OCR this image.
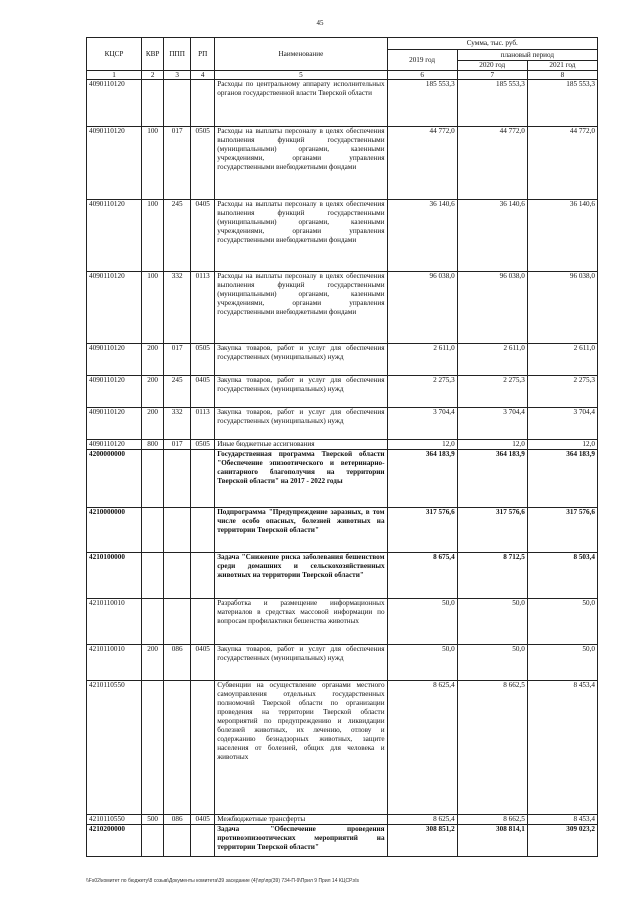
45
КЦСР	КВР	ППП	РП	Наименование	Сумма, тыс. руб.		
					2019 год	плановый период	
						2020 год	2021 год
1	2	3	4	5	6	7	8
4090110120				Расходы по центральному аппарату исполнительных органов государственной власти Тверской области	185 553,3	185 553,3	185 553,3
4090110120	100	017	0505	Расходы на выплаты персоналу в целях обеспечения выполнения функций государственными (муниципальными) органами, казенными учреждениями, органами управления государственными внебюджетными фондами	44 772,0	44 772,0	44 772,0
4090110120	100	245	0405	Расходы на выплаты персоналу в целях обеспечения выполнения функций государственными (муниципальными) органами, казенными учреждениями, органами управления государственными внебюджетными фондами	36 140,6	36 140,6	36 140,6
4090110120	100	332	0113	Расходы на выплаты персоналу в целях обеспечения выполнения функций государственными (муниципальными) органами, казенными учреждениями, органами управления государственными внебюджетными фондами	96 038,0	96 038,0	96 038,0
4090110120	200	017	0505	Закупка товаров, работ и услуг для обеспечения государственных (муниципальных) нужд	2 611,0	2 611,0	2 611,0
4090110120	200	245	0405	Закупка товаров, работ и услуг для обеспечения государственных (муниципальных) нужд	2 275,3	2 275,3	2 275,3
4090110120	200	332	0113	Закупка товаров, работ и услуг для обеспечения государственных (муниципальных) нужд	3 704,4	3 704,4	3 704,4
4090110120	800	017	0505	Иные бюджетные ассигнования	12,0	12,0	12,0
4200000000				Государственная программа Тверской области "Обеспечение эпизоотического и ветеринарно-санитарного благополучия на территории Тверской области" на 2017 - 2022 годы	364 183,9	364 183,9	364 183,9
4210000000				Подпрограмма "Предупреждение заразных, в том числе особо опасных, болезней животных на территории Тверской области"	317 576,6	317 576,6	317 576,6
4210100000				Задача "Снижение риска заболевания бешенством среди домашних и сельскохозяйственных животных на территории Тверской области"	8 675,4	8 712,5	8 503,4
4210110010				Разработка и размещение информационных материалов в средствах массовой информации по вопросам профилактики бешенства животных	50,0	50,0	50,0
4210110010	200	086	0405	Закупка товаров, работ и услуг для обеспечения государственных (муниципальных) нужд	50,0	50,0	50,0
4210110550				Субвенции на осуществление органами местного самоуправления отдельных государственных полномочий Тверской области по организации проведения на территории Тверской области мероприятий по предупреждению и ликвидации болезней животных, их лечению, отлову и содержанию безнадзорных животных, защите населения от болезней, общих для человека и животных	8 625,4	8 662,5	8 453,4
4210110550	500	086	0405	Межбюджетные трансферты	8 625,4	8 662,5	8 453,4
4210200000				Задача "Обеспечение проведения противоэпизоотических мероприятий на территории Тверской области"	308 851,2	308 814,1	309 023,2
\\Fs02\комитет по бюджету\8 созыв\Документы комитета\39 заседание (4)\пр\пр(39) 734-П-9\Прил 9 Прил 14 КЦСР.xls
